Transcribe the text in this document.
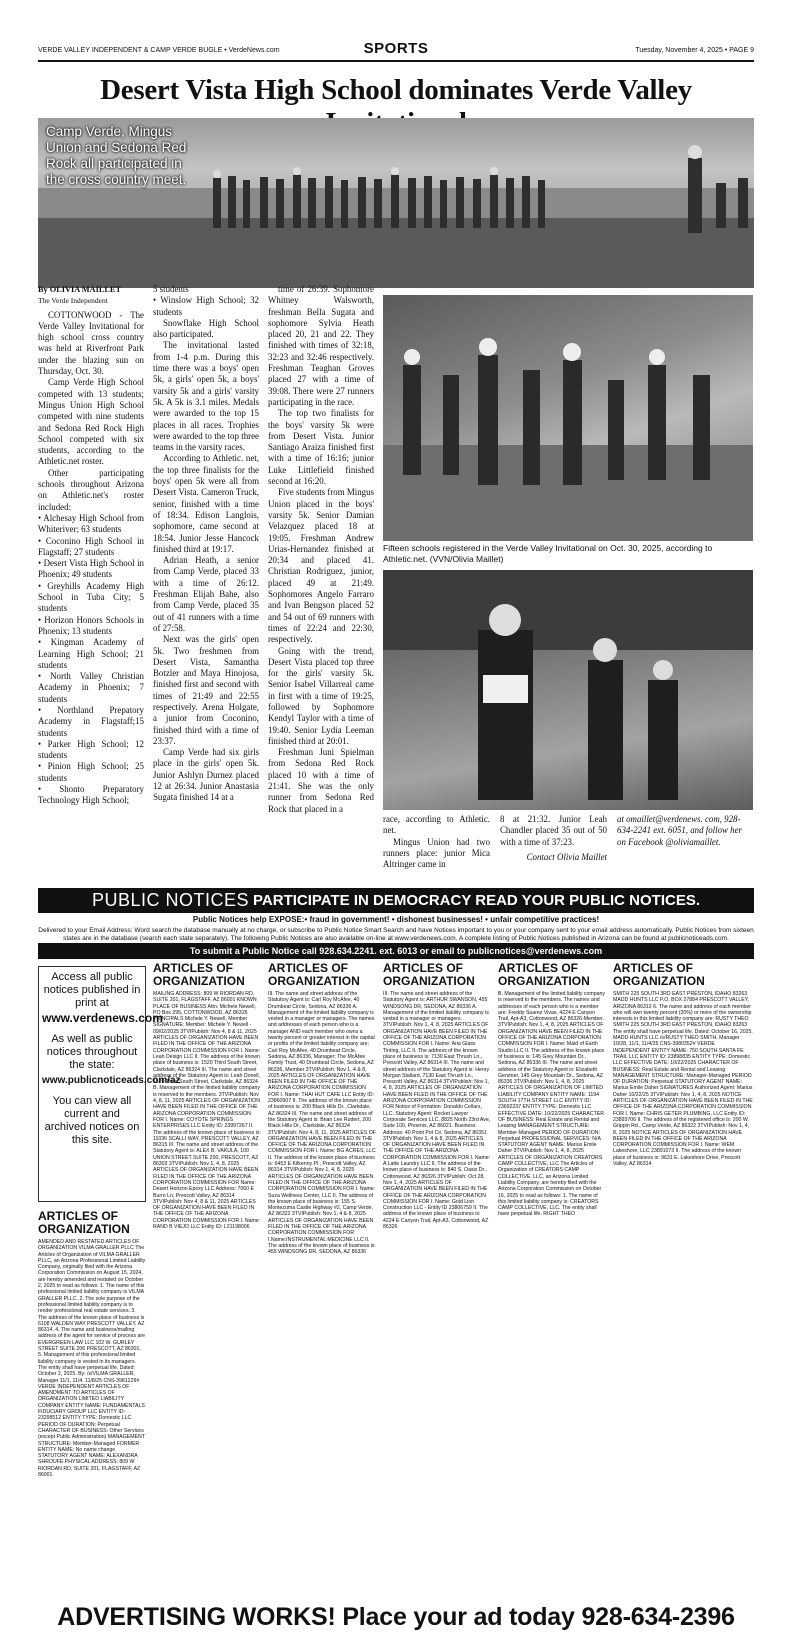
VERDE VALLEY INDEPENDENT & CAMP VERDE BUGLE • VerdeNews.com	SPORTS	Tuesday, November 4, 2025 • PAGE 9
Desert Vista High School dominates Verde Valley
Camp Verde, Mingus Union and Sedona Red Rock all participated in the cross country meet.
By OLIVIA MAILLET
The Verde Independent

COTTONWOOD - The Verde Valley Invitational for high school cross country was held at Riverfront Park under the blazing sun on Thursday, Oct. 30.

Camp Verde High School competed with 13 students; Mingus Union High School competed with nine students and Sedona Red Rock High School competed with six students, according to the Athletic.net roster.

Other participating schools throughout Arizona on Athletic.net's roster included:

• Alchesay High School from Whiteriver; 63 students
• Coconino High School in Flagstaff; 27 students
• Desert Vista High School in Phoenix; 49 students
• Greyhills Academy High School in Tuba City; 5 students
• Horizon Honors Schools in Phoenix; 13 students
• Kingman Academy of Learning High School; 21 students
• North Valley Christian Academy in Phoenix; 7 students
• Northland Prepatory Academy in Flagstaff;15 students
• Parker High School; 12 students
• Pinion High School; 25 students
• Shonto Preparatory Technology High School;
5 students
• Winslow High School; 32 students

Snowflake High School also participated.

The invitational lasted from 1-4 p.m. During this time there was a boys' open 5k, a girls' open 5k, a boys' varsity 5k and a girls' varsity 5k. A 5k is 3.1 miles. Medals were awarded to the top 15 places in all races. Trophies were awarded to the top three teams in the varsity races.

According to Athletic. net, the top three finalists for the boys' open 5k were all from Desert Vista. Cameron Truck, senior, finished with a time of 18:34. Edison Langlois, sophomore, came second at 18:54. Junior Jesse Hancock finished third at 19:17.

Adrian Heath, a senior from Camp Verde, placed 33 with a time of 26:12. Freshman Elijah Bahe, also from Camp Verde, placed 35 out of 41 runners with a time of 27:58.

Next was the girls' open 5k. Two freshmen from Desert Vista, Samantha Botzler and Maya Hinojosa, finished first and second with times of 21:49 and 22:55 respectively. Arena Holgate, a junior from Coconino, finished third with a time of 23:37.

Camp Verde had six girls place in the girls' open 5k. Junior Ashlyn Durnez placed 12 at 26:34. Junior Anastasia Sugata finished 14 at a

time of 26:39. Sophomore Whitney Walsworth, freshman Bella Sugata and sophomore Sylvia Heath placed 20, 21 and 22. They finished with times of 32:18, 32:23 and 32:46 respectively. Freshman Teaghan Groves placed 27 with a time of 39:08. There were 27 runners participating in the race.

The top two finalists for the boys' varsity 5k were from Desert Vista. Junior Santiago Araiza finished first with a time of 16:16; junior Luke Littlefield finished second at 16:20.

Five students from Mingus Union placed in the boys' varsity 5k. Senior Damian Velazquez placed 18 at 19:05. Freshman Andrew Urias-Hernandez finished at 20:34 and placed 41. Christian Rodriguez, junior, placed 49 at 21:49. Sophomores Angelo Farraro and Ivan Bengson placed 52 and 54 out of 69 runners with times of 22:24 and 22:30, respectively.

Going with the trend, Desert Vista placed top three for the girls' varsity 5k. Senior Isabel Villarreal came in first with a time of 19:25, followed by Sophomore Kendyl Taylor with a time of 19:40. Senior Lydia Leeman finished third at 20:01.

Freshman Juni Spielman from Sedona Red Rock placed 10 with a time of 21:41. She was the only runner from Sedona Red Rock that placed in a

Fifteen schools registered in the Verde Valley Invitational on Oct. 30, 2025, according to Athletic.net. (VVN/Olivia Maillet)
race, according to Athletic. net.

Mingus Union had two runners place: junior Mica Altringer came in

8 at 21:32. Junior Leah Chandler placed 35 out of 50 with a time of 37:23.
Contact Olivia Maillet
at omaillet@verdenews. com, 928-634-2241 ext. 6051, and follow her on Facebook @oliviamaillet.
PUBLIC NOTICES PARTICIPATE IN DEMOCRACY READ YOUR PUBLIC NOTICES.
Public Notices help EXPOSE:• fraud in government! • dishonest businesses! • unfair competitive practices!
Delivered to your Email Address: Word search the database manually at no charge, or subscribe to Public Notice Smart Search and have Notices important to you or your company sent to your email address automatically. Public Notices from sixteen states are in the database (search each state separately). The following Public Notices are also available on-line at www.verdenews.com. A complete listing of Public Notices published in Arizona can be found at publicnoticeads.com.
To submit a Public Notice call 928.634.2241. ext. 6013 or email to publicnotices@verdenews.com
Access all public notices published in print at
www.verdenews.com
As well as public notices throughout the state:
www.publicnoticeads.com/az
You can view all current and archived notices on this site.
ARTICLES OF ORGANIZATION
AMENDED AND RESTATED ARTICLES OF ORGANIZATION VILMA GRALLER PLLC The Articles of Organization of VILMA GRALLER PLLC, an Arizona Professional Limited Liability Company, originally filed with the Arizona Corporation Commission on August 15, 2024, are hereby amended and restated on October 2, 2025 to read as follows: 1. The name of this professional limited liability company is VILMA GRALLER PLLC. 2. The sole purpose of the professional limited liability company is to render professional real estate services. 3. The address of the known place of business is 6108 WALDEN WAY PRESCOTT VALLEY, AZ 86314. 4. The name and business/mailing address of the agent for service of process are EVERGREEN LAW LLC 102 W. GURLEY STREET SUITE 206 PRESCOTT, AZ 86301. 5. Management of this professional limited liability company is vested in its managers. The entity shall have perpetual life. Dated: October 2, 2025. By: /s/VILMA GRALLER, Manager 11/1, 11/4, 11/8/25 CNS-3981229# VERDE INDEPENDENT ARTICLES OF AMENDMENT TO ARTICLES OF ORGANIZATION LIMITED LIABILITY COMPANY ENTITY NAME: FUNDAMENTALS FIDUCIARY GROUP LLC ENTITY ID: 23298512 ENTITY TYPE: Domestic LLC PERIOD OF DURATION: Perpetual CHARACTER OF BUSINESS: Other Services (except Public Administration) MANAGEMENT STRUCTURE: Member-Managed FORMER ENTITY NAME: No name change STATUTORY AGENT NAME: ALEXANDRA SHROUFE PHYSICAL ADDRESS: 809 W RIORDAN RD, SUITE 201, FLAGSTAFF, AZ 86001
ARTICLES OF ORGANIZATION
MAILING ADDRESS: 809 W RIORDAN RD, SUITE 201, FLAGSTAFF, AZ 86001 KNOWN PLACE OF BUSINESS Attn: Michele Newell, PO Box 295, COTTONWOOD, AZ 86326 PRINCIPALS Michele Y. Newell, Member SIGNATURE: Member: Michele Y. Newell - 09/02/2025 3TVIPublish: Nov 4, 8 & 11, 2025 ARTICLES OF ORGANIZATION HAVE BEEN FILED IN THE OFFICE OF THE ARIZONA CORPORATION COMMISSION FOR I. Name: Leah Design LLC II. The address of the known place of business is: 1520 Third South Street, Clarkdale, AZ 86324 III. The name and street address of the Statutory Agent is: Leah Donell, 1520 Third South Street, Clarkdale, AZ 86324 B. Management of the limited liability company is reserved to the members. 3TVIPublish: Nov 4, 8, 11, 2025 ARTICLES OF ORGANIZATION HAVE BEEN FILED IN THE OFFICE OF THE ARIZONA CORPORATION COMMISSION FOR I. Name: COYOTE SPRINGS ENTERPRISES LLC Entity ID: 23997267 II. The address of the known place of business is: 11036 SCALLI WAY, PRESCOTT VALLEY, AZ 86315 III. The name and street address of the Statutory Agent is: ALEX B. VAKULA, 100 UNION STREET SUITE 200, PRESCOTT, AZ 86303 3TVIPublish: Nov 1, 4, 8, 2025 ARTICLES OF ORGANIZATION HAVE BEEN FILED IN THE OFFICE OF THE ARIZONA CORPORATION COMMISSION FOR Name: Desert Horizon Epoxy LLC Address: 7060 E Burro Ln, Prescott Valley, AZ 86314 3TVIPublish: Nov 4, 8 & 11, 2025 ARTICLES OF ORGANIZATION HAVE BEEN FILED IN THE OFFICE OF THE ARIZONA CORPORATION COMMISSION FOR I. Name: RAND B VIEJO LLC Entity ID: L21198006
ARTICLES OF ORGANIZATION
III. The name and street address of the Statutory Agent is: Carl Roy McAfee, 40 Drumbeat Circle, Sedona, AZ 86336 A. Management of the limited liability company is vested in a manager or managers. The names and addresses of each person who is a manager AND each member who owns a twenty percent or greater interest in the capital or profits of the limited liability company are: Carl Roy McAfee, 40 Drumbeat Circle, Sedona, AZ 86336, Manager; The McAfee Family Trust, 40 Drumbeat Circle, Sedona, AZ 86336, Member 3TVIPublish: Nov 1, 4 & 8, 2025 ARTICLES OF ORGANIZATION HAVE BEEN FILED IN THE OFFICE OF THE ARIZONA CORPORATION COMMISSION FOR I. Name: THAI HUT CAFE LLC Entity ID: 23860907 II. The address of the known place of business is: 200 Black Hills Dr., Clarkdale, AZ 86324 III. The name and street address of the Statutory Agent is: Brian Lee Rudert, 200 Black Hills Dr., Clarkdale, AZ 86324 3TVIPublish: Nov 4, 8, 11, 2025 ARTICLES OF ORGANIZATION HAVE BEEN FILED IN THE OFFICE OF THE ARIZONA CORPORATION COMMISSION FOR I. Name: BG ACRES, LLC II. The address of the known place of business is: 6453 E Kilkenny Pl., Prescott Valley, AZ 86314 3TVIPublish: Nov 1, 4, 8, 2025 ARTICLES OF ORGANIZATION HAVE BEEN FILED IN THE OFFICE OF THE ARIZONA CORPORATION COMMISSION FOR I. Name: Suza Wellness Center, LLC II. The address of the known place of business is: 155 S. Montezuma Castle Highway #2, Camp Verde, AZ 86322 3TVIPublish: Nov 1, 4 & 8, 2025 ARTICLES OF ORGANIZATION HAVE BEEN FILED IN THE OFFICE OF THE ARIZONA CORPORATION COMMISSION FOR I.Name:INSTRUMENTAL MEDICINE LLC II. The address of the known place of business is: 455 WINDSONG DR, SEDONA, AZ 86336
ARTICLES OF ORGANIZATION
III. The name and street address of the Statutory Agent is: ARTHUR SWANSON, 455 WINDSONG DR, SEDONA, AZ 86336 A. Management of the limited liability company is vested in a manager or managers. 3TVIPublish: Nov 1, 4, 8, 2025 ARTICLES OF ORGANIZATION HAVE BEEN FILED IN THE OFFICE OF THE ARIZONA CORPORATION COMMISSION FOR I. Name: Aria Glass Tinting, LLC II. The address of the known place of business is: 7130 East Thrush Ln., Prescott Valley, AZ 86314 III. The name and street address of the Statutory Agent is: Henry Morgan Stallard, 7130 East Thrush Ln., Prescott Valley, AZ 86314 3TVIPublish: Nov 1, 4, 8, 2025 ARTICLES OF ORGANIZATION HAVE BEEN FILED IN THE OFFICE OF THE ARIZONA CORPORATION COMMISSION FOR Notice of Formation: Donaldo Cellars, LLC. Statutory Agent: Rocket Lawyer Corporate Services LLC, 8825 North 23rd Ave, Suite 100, Phoenix, AZ 86021. Business Address: 40 Point Pot Cir. Sedona, AZ 86351 3TVIPublish: Nov 1, 4 & 8, 2025 ARTICLES OF ORGANIZATION HAVE BEEN FILED IN THE OFFICE OF THE ARIZONA CORPORATION COMMISSION FOR I. Name: A Latte Laundry LLC II. The address of the known place of business is: 840 S. Oasis Dr., Cottonwood, AZ 86326 3TVIPublish: Oct 28, Nov 1, 4, 2025 ARTICLES OF ORGANIZATION HAVE BEEN FILED IN THE OFFICE OF THE ARIZONA CORPORATION COMMISSION FOR I. Name: Gold Lion Construction LLC - Entity ID 23806759 II. The address of the known place of business is: 4224 E Canyon Trail, Apt-A3, Cottonwood, AZ 86326
ARTICLES OF ORGANIZATION
B. Management of the limited liability company is reserved to the members. The names and addresses of each person who is a member are: Freddy Suarez Vivas, 4224 E Canyon Trail, Apt-A3, Cottonwood, AZ 86326-Member. 3TVIPublish: Nov 1, 4, 8, 2025 ARTICLES OF ORGANIZATION HAVE BEEN FILED IN THE OFFICE OF THE ARIZONA CORPORATION COMMISSION FOR I. Name: Maid of Earth Studio LLC II. The address of the known place of business is: 145 Grey Mountain Dr., Sedona, AZ 86336 III. The name and street address of the Statutory Agent is: Elizabeth Gerstner, 145 Grey Mountain Dr., Sedona, AZ 86336 3TVIPublish: Nov 1, 4, 8, 2025 ARTICLES OF ORGANIZATION OF LIMITED LIABILITY COMPANY ENTITY NAME: 1194 SOUTH 17TH STREET LLC ENTITY ID: 23692237 ENTITY TYPE: Domestic LLC EFFECTIVE DATE: 10/22/2025 CHARACTER OF BUSINESS: Real Estate and Rental and Leasing MANAGEMENT STRUCTURE: Member-Managed PERIOD OF DURATION: Perpetual PROFESSIONAL SERVICES: N/A STATUTORY AGENT NAME: Marius Emile Daher 3TVIPublish: Nov 1, 4, 8, 2025 ARTICLES OF ORGANIZATION CREATORS CAMP COLLECTIVE, LLC The Articles of Organization of CREATORS CAMP COLLECTIVE, LLC, an Arizona Limited Liability Company, are hereby filed with the Arizona Corporation Commission on October 16, 2025 to read as follows: 1. The name of this limited liability company is: CREATORS CAMP COLLECTIVE, LLC. The entity shall have perpetual life. RIGHT THEO
ARTICLES OF ORGANIZATION
SMITH 225 SOUTH 3RD EAST PRESTON, IDAHO 83263 MADD HUNTS LLC P.O. BOX 27884 PRESCOTT VALLEY, ARIZONA 86312 6. The name and address of each member who will own twenty percent (20%) or more of the ownership interests in this limited liability company are: RUSTY THEO SMITH 225 SOUTH 3RD EAST PRESTON, IDAHO 83263 The entity shall have perpetual life. Dated: October 16, 2025. MADD HUNTS LLC /s/RUSTY THEO SMITH, Manager 10/28, 11/1, 11/4/25 CNS-3980352# VERDE INDEPENDENT ENTITY NAME: 750 SOUTH SANTA FE TRAIL LLC ENTITY ID: 23898835 ENTITY TYPE: Domestic LLC EFFECTIVE DATE: 10/22/2025 CHARACTER OF BUSINESS: Real Estate and Rental and Leasing MANAGEMENT STRUCTURE: Manager-Managed PERIOD OF DURATION: Perpetual STATUTORY AGENT NAME: Marius Emile Daher SIGNATURES Authorized Agent: Marius Daher 10/22/25 3TVIPublish: Nov 1, 4, 8, 2025 NOTICE ARTICLES OF ORGANIZATION HAVE BEEN FILED IN THE OFFICE OF THE ARIZONA CORPORATION COMMISSION FOR I. Name: CHRIS GETER PLUMBING, LLC Entity ID: 23893706 II. The address of the registered office is: 200 W. Grippin Rd., Camp Verde, AZ 86322 3TVIPublish: Nov 1, 4, 8, 2025 NOTICE ARTICLES OF ORGANIZATION HAVE BEEN FILED IN THE OFFICE OF THE ARIZONA CORPORATION COMMISSION FOR I. Name: WEM Lakeshore, LLC 23891073 II. The address of the known place of business is: 9631 E. Lakeshore Drive, Prescott Valley, AZ 86314
ADVERTISING WORKS! Place your ad today 928-634-2396
